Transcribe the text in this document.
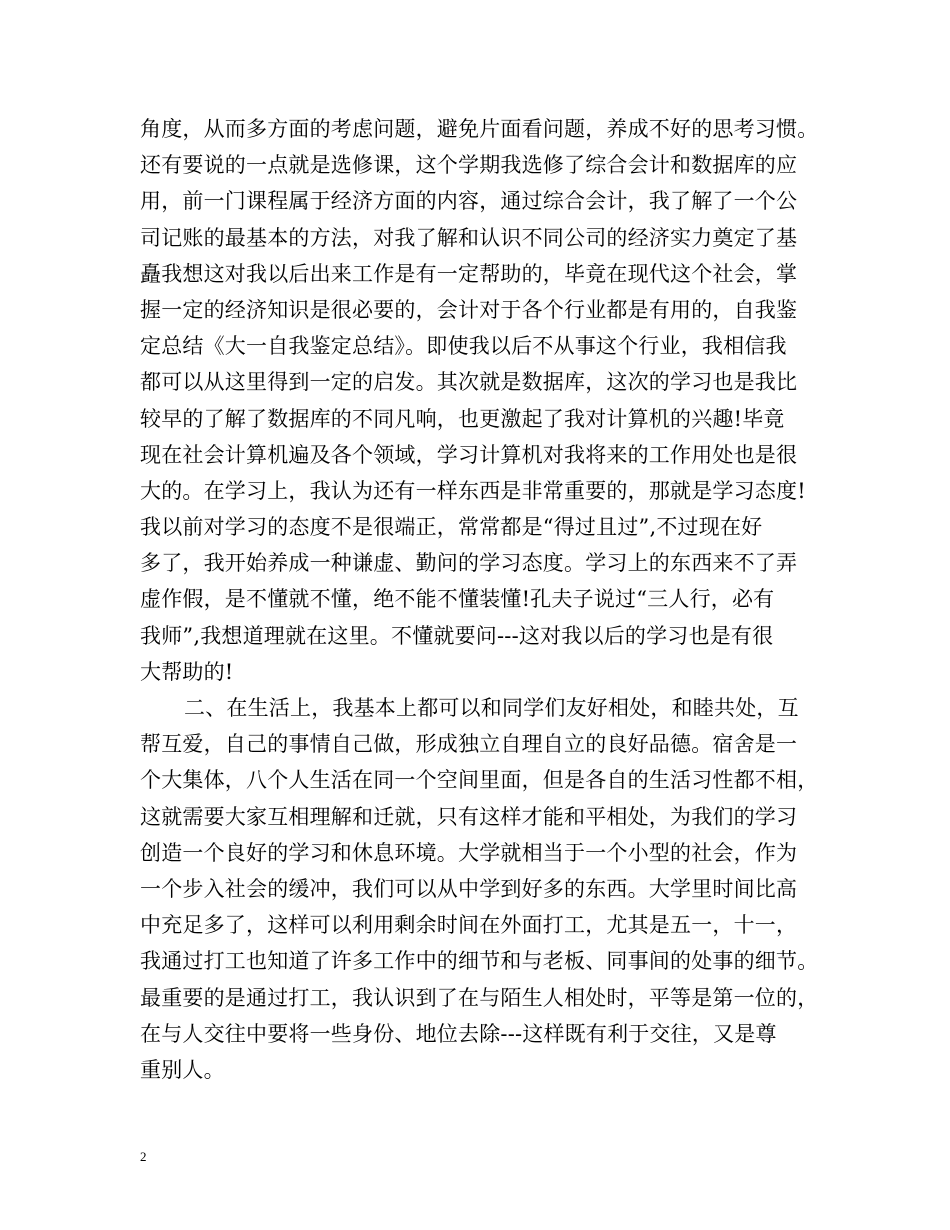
角度，从而多方面的考虑问题，避免片面看问题，养成不好的思考习惯。
还有要说的一点就是选修课，这个学期我选修了综合会计和数据库的应
用，前一门课程属于经济方面的内容，通过综合会计，我了解了一个公
司记账的最基本的方法，对我了解和认识不同公司的经济实力奠定了基
矗我想这对我以后出来工作是有一定帮助的，毕竟在现代这个社会，掌
握一定的经济知识是很必要的，会计对于各个行业都是有用的，自我鉴
定总结《大一自我鉴定总结》。即使我以后不从事这个行业，我相信我
都可以从这里得到一定的启发。其次就是数据库，这次的学习也是我比
较早的了解了数据库的不同凡响，也更激起了我对计算机的兴趣!毕竟
现在社会计算机遍及各个领域，学习计算机对我将来的工作用处也是很
大的。在学习上，我认为还有一样东西是非常重要的，那就是学习态度!
我以前对学习的态度不是很端正，常常都是“得过且过”,不过现在好
多了，我开始养成一种谦虚、勤问的学习态度。学习上的东西来不了弄
虚作假，是不懂就不懂，绝不能不懂装懂!孔夫子说过“三人行，必有
我师”,我想道理就在这里。不懂就要问---这对我以后的学习也是有很
大帮助的!
二、在生活上，我基本上都可以和同学们友好相处，和睦共处，互
帮互爱，自己的事情自己做，形成独立自理自立的良好品德。宿舍是一
个大集体，八个人生活在同一个空间里面，但是各自的生活习性都不相，
这就需要大家互相理解和迁就，只有这样才能和平相处，为我们的学习
创造一个良好的学习和休息环境。大学就相当于一个小型的社会，作为
一个步入社会的缓冲，我们可以从中学到好多的东西。大学里时间比高
中充足多了，这样可以利用剩余时间在外面打工，尤其是五一，十一，
我通过打工也知道了许多工作中的细节和与老板、同事间的处事的细节。
最重要的是通过打工，我认识到了在与陌生人相处时，平等是第一位的，
在与人交往中要将一些身份、地位去除---这样既有利于交往，又是尊
重别人。
2
